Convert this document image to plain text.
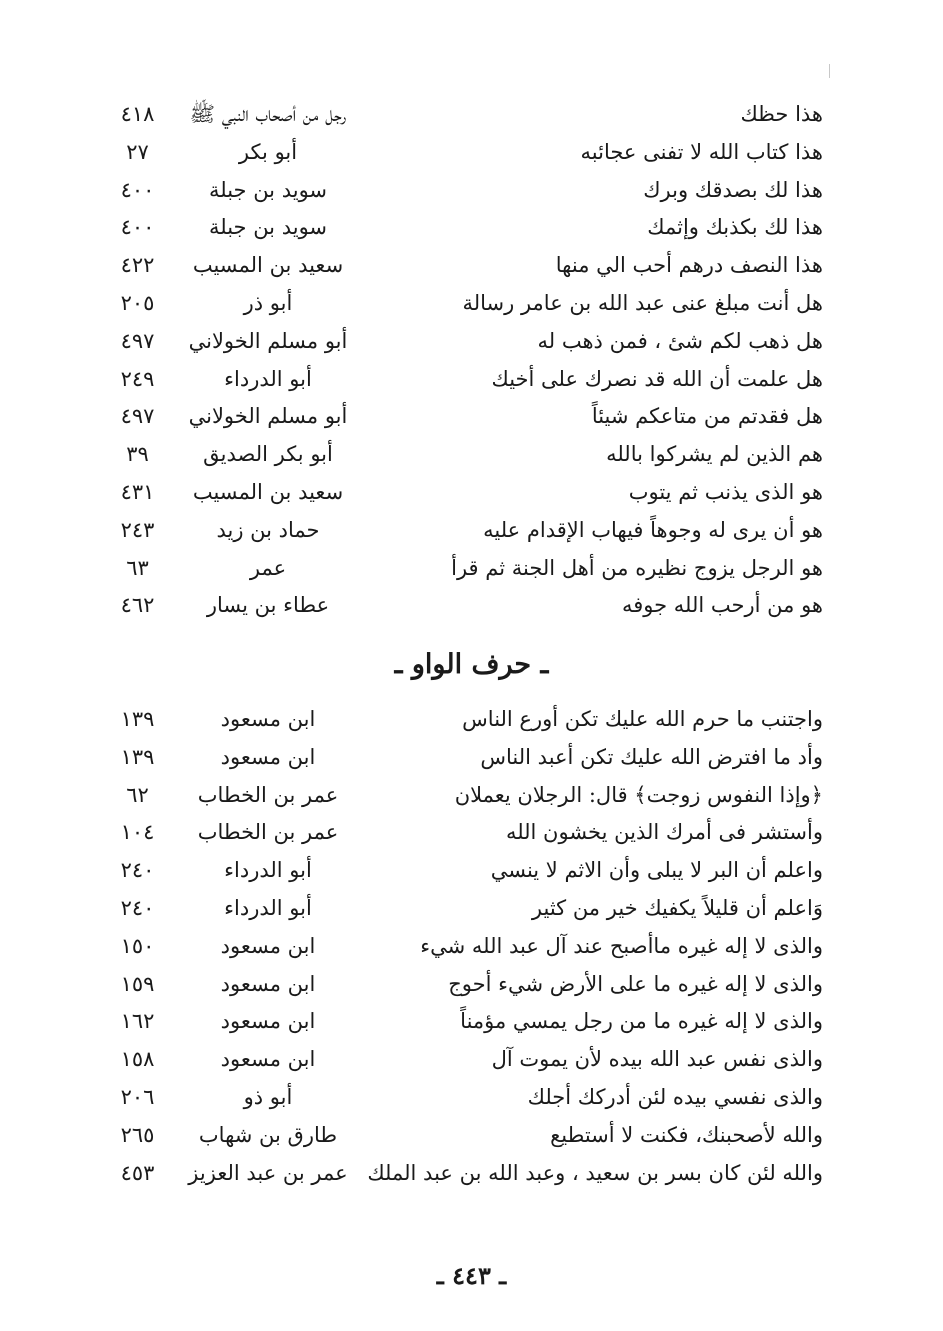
هذا حظك
رجل من أصحاب النبي ﷺ
٤١٨
هذا كتاب الله لا تفنى عجائبه
أبو بكر
٢٧
هذا لك بصدقك وبرك
سويد بن جبلة
٤٠٠
هذا لك بكذبك وإثمك
سويد بن جبلة
٤٠٠
هذا النصف درهم أحب الي منها
سعيد بن المسيب
٤٢٢
هل أنت مبلغ عنى عبد الله بن عامر رسالة
أبو ذر
٢٠٥
هل ذهب لكم شئ ، فمن ذهب له
أبو مسلم الخولاني
٤٩٧
هل علمت أن الله قد نصرك على أخيك
أبو الدرداء
٢٤٩
هل فقدتم من متاعكم شيئاً
أبو مسلم الخولاني
٤٩٧
هم الذين لم يشركوا بالله
أبو بكر الصديق
٣٩
هو الذى يذنب ثم يتوب
سعيد بن المسيب
٤٣١
هو أن يرى له وجوهاً فيهاب الإقدام عليه
حماد بن زيد
٢٤٣
هو الرجل يزوج نظيره من أهل الجنة ثم قرأ
عمر
٦٣
هو من أرحب الله جوفه
عطاء بن يسار
٤٦٢
ـ حرف الواو ـ
واجتنب ما حرم الله عليك تكن أورع الناس
ابن مسعود
١٣٩
وأد ما افترض الله عليك تكن أعبد الناس
ابن مسعود
١٣٩
﴿وإذا النفوس زوجت﴾ قال: الرجلان يعملان
عمر بن الخطاب
٦٢
وأستشر فى أمرك الذين يخشون الله
عمر بن الخطاب
١٠٤
واعلم أن البر لا يبلى وأن الاثم لا ينسي
أبو الدرداء
٢٤٠
وَاعلم أن قليلاً يكفيك خير من كثير
أبو الدرداء
٢٤٠
والذى لا إله غيره ماأصبح عند آل عبد الله شيء
ابن مسعود
١٥٠
والذى لا إله غيره ما على الأرض شيء أحوج
ابن مسعود
١٥٩
والذى لا إله غيره ما من رجل يمسي مؤمناً
ابن مسعود
١٦٢
والذى نفس عبد الله بيده لأن يموت آل
ابن مسعود
١٥٨
والذى نفسي بيده لئن أدركك أجلك
أبو ذو
٢٠٦
والله لأصحبنك، فكنت لا أستطيع
طارق بن شهاب
٢٦٥
والله لئن كان بسر بن سعيد ، وعبد الله بن عبد الملك
عمر بن عبد العزيز
٤٥٣
ـ ٤٤٣ ـ
